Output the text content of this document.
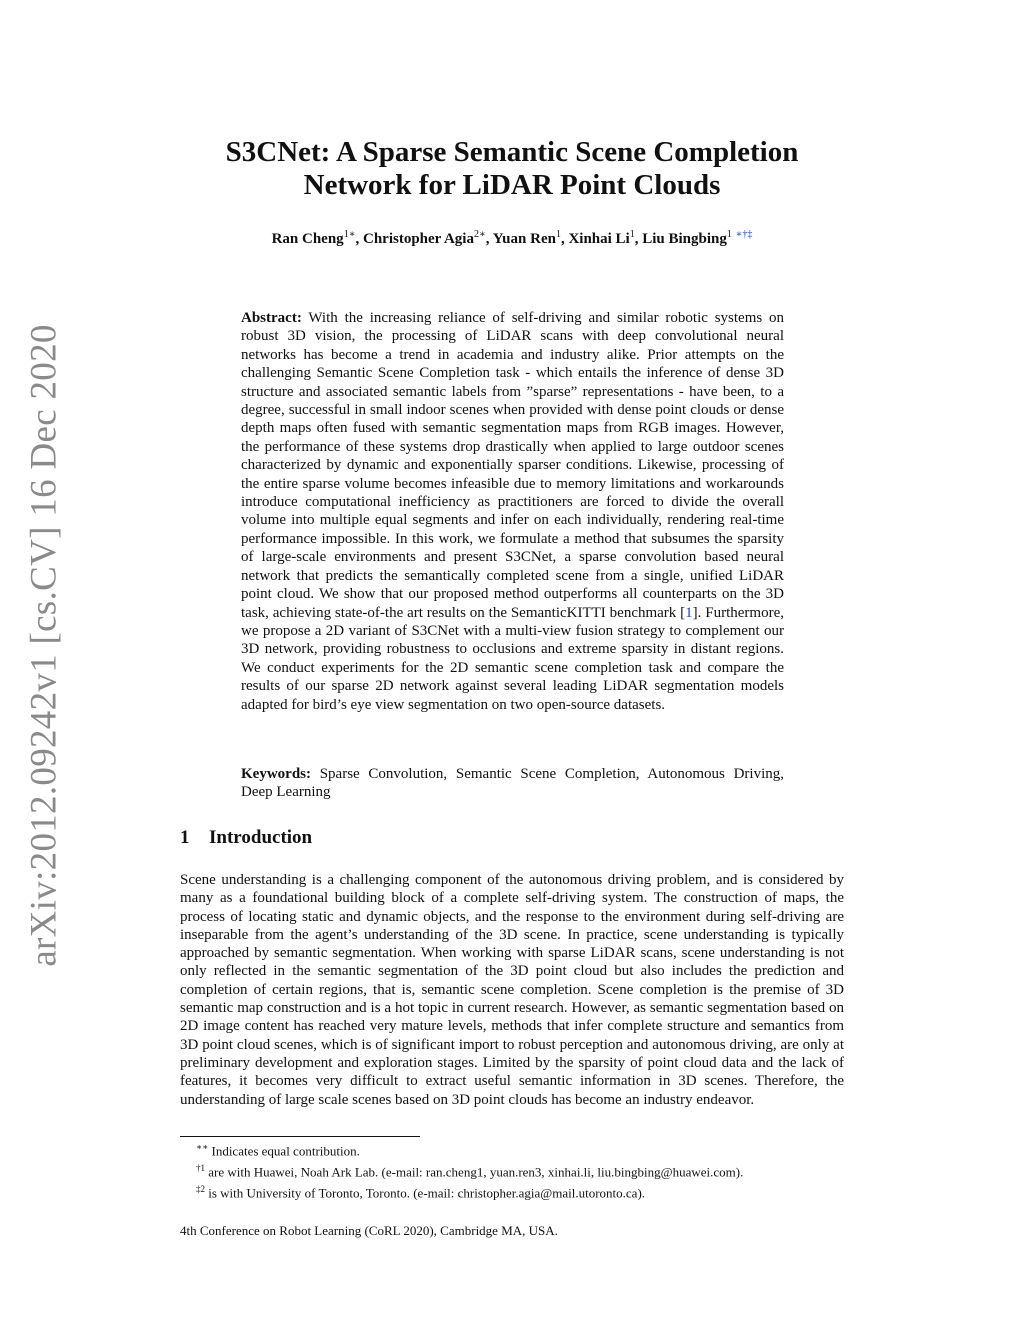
arXiv:2012.09242v1 [cs.CV] 16 Dec 2020
S3CNet: A Sparse Semantic Scene Completion
Network for LiDAR Point Clouds
Ran Cheng$^{1∗}$, Christopher Agia$^{2∗}$, Yuan Ren$^1$, Xinhai Li$^1$, Liu Bingbing$^1$ ∗†‡
Abstract: With the increasing reliance of self-driving and similar robotic systems on robust 3D vision, the processing of LiDAR scans with deep convolutional neural networks has become a trend in academia and industry alike. Prior attempts on the challenging Semantic Scene Completion task - which entails the inference of dense 3D structure and associated semantic labels from ”sparse” representations - have been, to a degree, successful in small indoor scenes when provided with dense point clouds or dense depth maps often fused with semantic segmentation maps from RGB images. However, the performance of these systems drop drastically when applied to large outdoor scenes characterized by dynamic and exponentially sparser conditions. Likewise, processing of the entire sparse volume becomes infeasible due to memory limitations and workarounds introduce computational inefficiency as practitioners are forced to divide the overall volume into multiple equal segments and infer on each individually, rendering real-time performance impossible. In this work, we formulate a method that subsumes the sparsity of large-scale environments and present S3CNet, a sparse convolution based neural network that predicts the semantically completed scene from a single, unified LiDAR point cloud. We show that our proposed method outperforms all counterparts on the 3D task, achieving state-of-the art results on the SemanticKITTI benchmark [1]. Furthermore, we propose a 2D variant of S3CNet with a multi-view fusion strategy to complement our 3D network, providing robustness to occlusions and extreme sparsity in distant regions. We conduct experiments for the 2D semantic scene completion task and compare the results of our sparse 2D network against several leading LiDAR segmentation models adapted for bird’s eye view segmentation on two open-source datasets.
Keywords: Sparse Convolution, Semantic Scene Completion, Autonomous Driving, Deep Learning
1 Introduction
Scene understanding is a challenging component of the autonomous driving problem, and is considered by many as a foundational building block of a complete self-driving system. The construction of maps, the process of locating static and dynamic objects, and the response to the environment during self-driving are inseparable from the agent’s understanding of the 3D scene. In practice, scene understanding is typically approached by semantic segmentation. When working with sparse LiDAR scans, scene understanding is not only reflected in the semantic segmentation of the 3D point cloud but also includes the prediction and completion of certain regions, that is, semantic scene completion. Scene completion is the premise of 3D semantic map construction and is a hot topic in current research. However, as semantic segmentation based on 2D image content has reached very mature levels, methods that infer complete structure and semantics from 3D point cloud scenes, which is of significant import to robust perception and autonomous driving, are only at preliminary development and exploration stages. Limited by the sparsity of point cloud data and the lack of features, it becomes very difficult to extract useful semantic information in 3D scenes. Therefore, the understanding of large scale scenes based on 3D point clouds has become an industry endeavor.
∗∗ Indicates equal contribution.
$^{\dagger 1}$ are with Huawei, Noah Ark Lab. (e-mail: ran.cheng1, yuan.ren3, xinhai.li, liu.bingbing@huawei.com).
$^{\ddagger 2}$ is with University of Toronto, Toronto. (e-mail: christopher.agia@mail.utoronto.ca).
4th Conference on Robot Learning (CoRL 2020), Cambridge MA, USA.
